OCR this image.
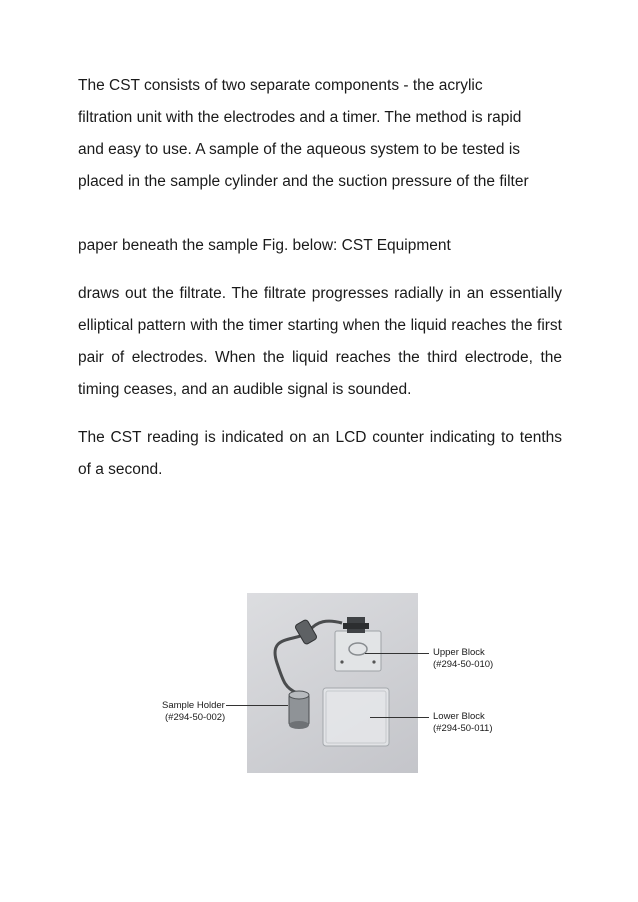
The CST consists of two separate components - the acrylic filtration unit with the electrodes and a timer. The method is rapid and easy to use. A sample of the aqueous system to be tested is placed in the sample cylinder and the suction pressure of the filter

paper beneath the sample Fig. below: CST Equipment

draws out the filtrate. The filtrate progresses radially in an essentially elliptical pattern with the timer starting when the liquid reaches the first pair of electrodes. When the liquid reaches the third electrode, the timing ceases, and an audible signal is sounded.

The CST reading is indicated on an LCD counter indicating to tenths of a second.

Upper Block
(#294-50-010)
Lower Block
(#294-50-011)
Sample Holder
(#294-50-002)
